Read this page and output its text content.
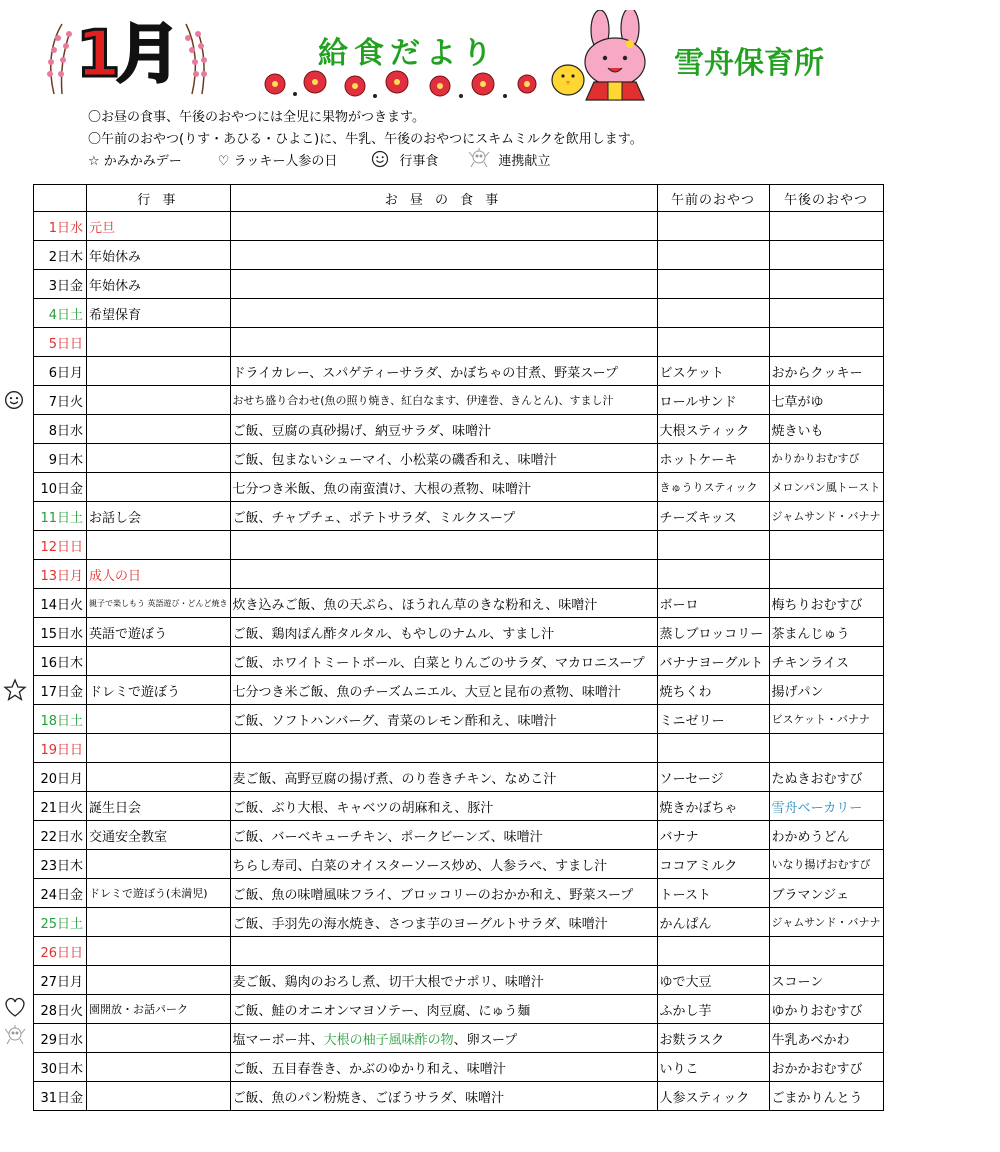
1月	給食だより	雪舟保育所
〇お昼の食事、午後のおやつには全児に果物がつきます。
〇午前のおやつ(りす・あひる・ひよこ)に、牛乳、午後のおやつにスキムミルクを飲用します。
☆ かみかみデー	♡ ラッキー人参の日	行事食	連携献立
	行 事	お 昼 の 食 事	午前のおやつ	午後のおやつ
1日水	元旦			
2日木	年始休み			
3日金	年始休み			
4日土	希望保育			
5日日				
6日月		ドライカレー、スパゲティーサラダ、かぼちゃの甘煮、野菜スープ	ビスケット	おからクッキー
7日火		おせち盛り合わせ(魚の照り焼き、紅白なます、伊達巻、きんとん)、すまし汁	ロールサンド	七草がゆ
8日水		ご飯、豆腐の真砂揚げ、納豆サラダ、味噌汁	大根スティック	焼きいも
9日木		ご飯、包まないシューマイ、小松菜の磯香和え、味噌汁	ホットケーキ	かりかりおむすび
10日金		七分つき米飯、魚の南蛮漬け、大根の煮物、味噌汁	きゅうりスティック	メロンパン風トースト
11日土	お話し会	ご飯、チャプチェ、ポテトサラダ、ミルクスープ	チーズキッス	ジャムサンド・バナナ
12日日				
13日月	成人の日			
14日火	親子で楽しもう 英語遊び・どんど焼き	炊き込みご飯、魚の天ぷら、ほうれん草のきな粉和え、味噌汁	ボーロ	梅ちりおむすび
15日水	英語で遊ぼう	ご飯、鶏肉ぽん酢タルタル、もやしのナムル、すまし汁	蒸しブロッコリー	茶まんじゅう
16日木		ご飯、ホワイトミートボール、白菜とりんごのサラダ、マカロニスープ	バナナヨーグルト	チキンライス
17日金	ドレミで遊ぼう	七分つき米ご飯、魚のチーズムニエル、大豆と昆布の煮物、味噌汁	焼ちくわ	揚げパン
18日土		ご飯、ソフトハンバーグ、青菜のレモン酢和え、味噌汁	ミニゼリー	ビスケット・バナナ
19日日				
20日月		麦ご飯、高野豆腐の揚げ煮、のり巻きチキン、なめこ汁	ソーセージ	たぬきおむすび
21日火	誕生日会	ご飯、ぶり大根、キャベツの胡麻和え、豚汁	焼きかぼちゃ	雪舟ベーカリー
22日水	交通安全教室	ご飯、バーベキューチキン、ポークビーンズ、味噌汁	バナナ	わかめうどん
23日木		ちらし寿司、白菜のオイスターソース炒め、人参ラペ、すまし汁	ココアミルク	いなり揚げおむすび
24日金	ドレミで遊ぼう(未満児)	ご飯、魚の味噌風味フライ、ブロッコリーのおかか和え、野菜スープ	トースト	ブラマンジェ
25日土		ご飯、手羽先の海水焼き、さつま芋のヨーグルトサラダ、味噌汁	かんぱん	ジャムサンド・バナナ
26日日				
27日月		麦ご飯、鶏肉のおろし煮、切干大根でナポリ、味噌汁	ゆで大豆	スコーン
28日火	園開放・お話パーク	ご飯、鮭のオニオンマヨソテー、肉豆腐、にゅう麺	ふかし芋	ゆかりおむすび
29日水		塩マーボー丼、大根の柚子風味酢の物、卵スープ	お麩ラスク	牛乳あべかわ
30日木		ご飯、五目春巻き、かぶのゆかり和え、味噌汁	いりこ	おかかおむすび
31日金		ご飯、魚のパン粉焼き、ごぼうサラダ、味噌汁	人参スティック	ごまかりんとう
